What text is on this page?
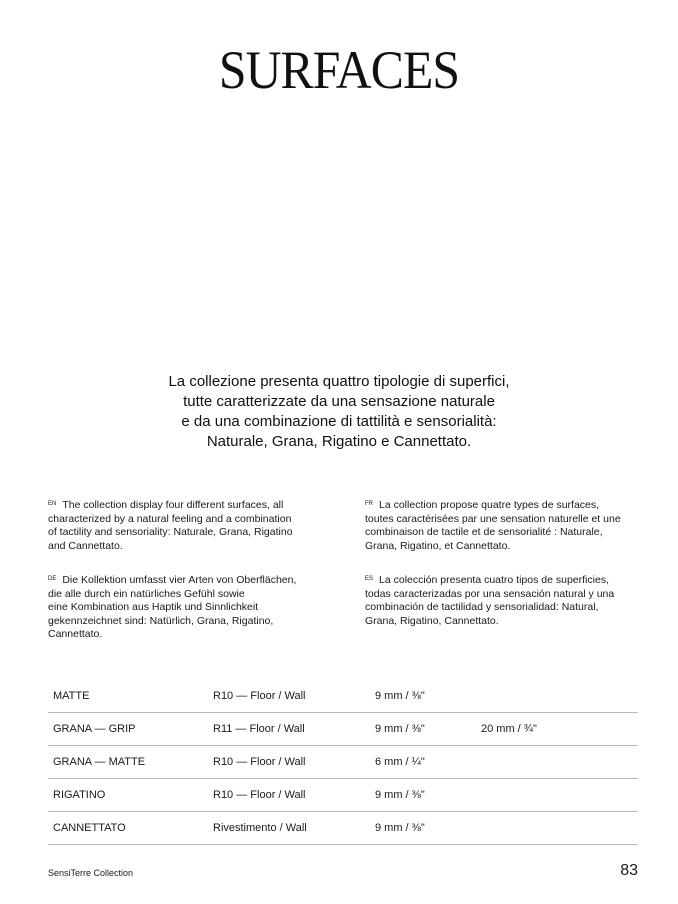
SURFACES
La collezione presenta quattro tipologie di superfici,
tutte caratterizzate da una sensazione naturale
e da una combinazione di tattilità e sensorialità:
Naturale, Grana, Rigatino e Cannettato.
$^{EN}$ The collection display four different surfaces, all
characterized by a natural feeling and a combination
of tactility and sensoriality: Naturale, Grana, Rigatino
and Cannettato.
$^{FR}$ La collection propose quatre types de surfaces,
toutes caractérisées par une sensation naturelle et une
combinaison de tactile et de sensorialité : Naturale,
Grana, Rigatino, et Cannettato.
$^{DE}$ Die Kollektion umfasst vier Arten von Oberflächen,
die alle durch ein natürliches Gefühl sowie
eine Kombination aus Haptik und Sinnlichkeit
gekennzeichnet sind: Natürlich, Grana, Rigatino,
Cannettato.
$^{ES}$ La colección presenta cuatro tipos de superficies,
todas caracterizadas por una sensación natural y una
combinación de tactilidad y sensorialidad: Natural,
Grana, Rigatino, Cannettato.
MATTE	R10 — Floor / Wall	9 mm / ⅜"
GRANA — GRIP	R11 — Floor / Wall	9 mm / ⅜"	20 mm / ¾"
GRANA — MATTE	R10 — Floor / Wall	6 mm / ¼"
RIGATINO	R10 — Floor / Wall	9 mm / ⅜"
CANNETTATO	Rivestimento / Wall	9 mm / ⅜"
SensiTerre Collection	83
